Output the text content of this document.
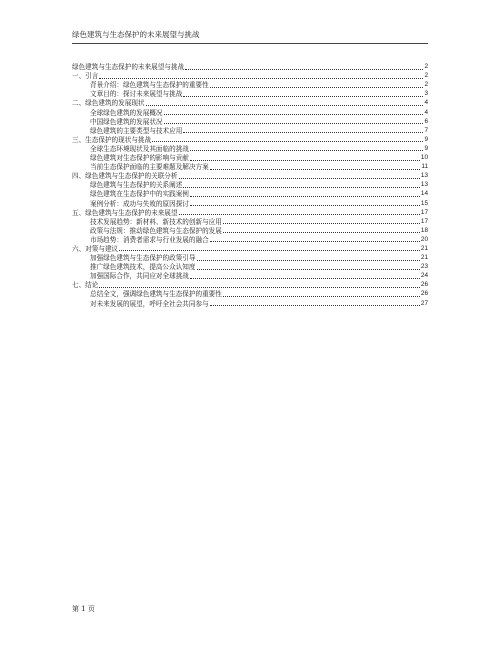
绿色建筑与生态保护的未来展望与挑战
绿色建筑与生态保护的未来展望与挑战	2
一、引言	2
背景介绍：绿色建筑与生态保护的重要性	2
文章目的：探讨未来展望与挑战	3
二、绿色建筑的发展现状	4
全球绿色建筑的发展概况	4
中国绿色建筑的发展状况	6
绿色建筑的主要类型与技术应用	7
三、生态保护的现状与挑战	9
全球生态环境现状及其面临的挑战	9
绿色建筑对生态保护的影响与贡献	10
当前生态保护面临的主要难题及解决方案	11
四、绿色建筑与生态保护的关联分析	13
绿色建筑与生态保护的关系阐述	13
绿色建筑在生态保护中的实践案例	14
案例分析：成功与失败的原因探讨	15
五、绿色建筑与生态保护的未来展望	17
技术发展趋势：新材料、新技术的创新与应用	17
政策与法规：推动绿色建筑与生态保护的发展	18
市场趋势：消费者需求与行业发展的融合	20
六、对策与建议	21
加强绿色建筑与生态保护的政策引导	21
推广绿色建筑技术，提高公众认知度	23
加强国际合作，共同应对全球挑战	24
七、结论	26
总结全文，强调绿色建筑与生态保护的重要性	26
对未来发展的展望，呼吁全社会共同参与	27
第 1 页
